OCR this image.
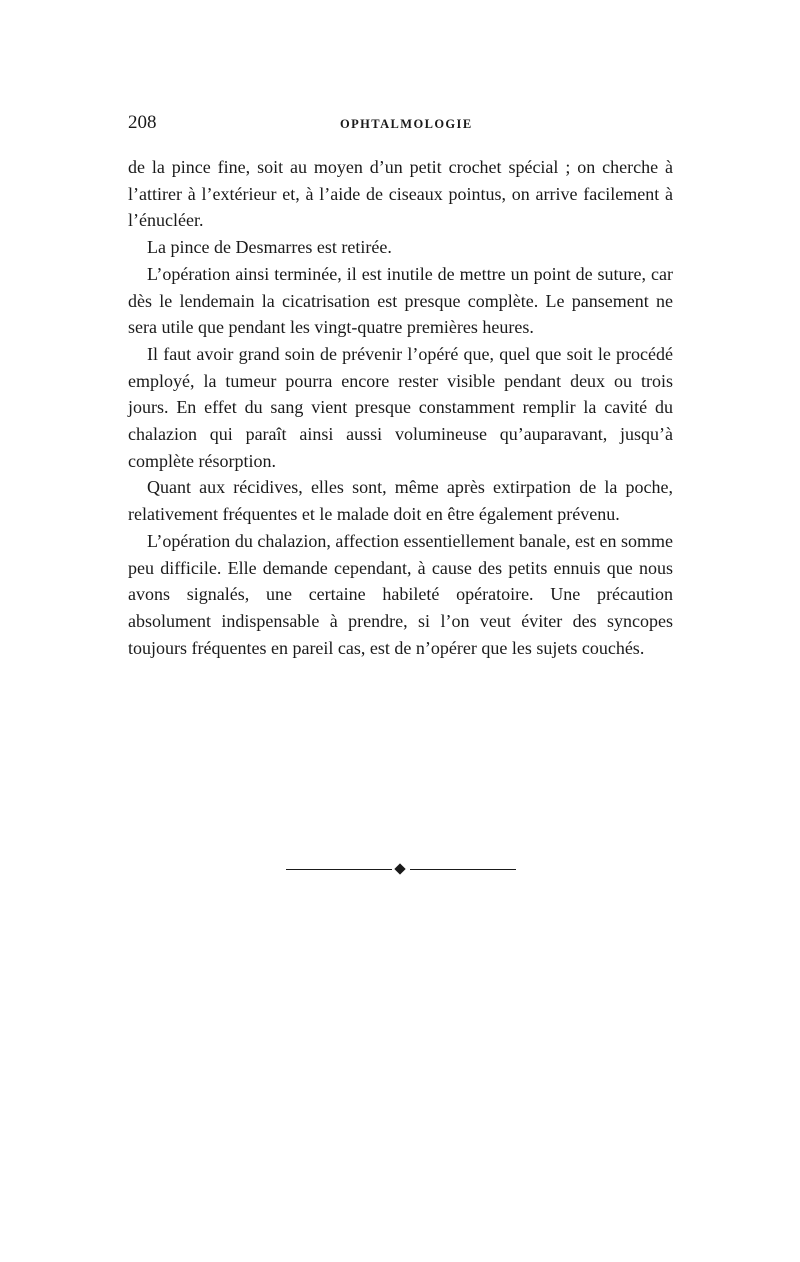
208	OPHTALMOLOGIE

de la pince fine, soit au moyen d’un petit crochet spécial ; on cherche à l’attirer à l’extérieur et, à l’aide de ciseaux pointus, on arrive facilement à l’énucléer.

La pince de Desmarres est retirée.

L’opération ainsi terminée, il est inutile de mettre un point de suture, car dès le lendemain la cicatrisation est presque complète. Le pansement ne sera utile que pendant les vingt-quatre premières heures.

Il faut avoir grand soin de prévenir l’opéré que, quel que soit le procédé employé, la tumeur pourra encore rester visible pendant deux ou trois jours. En effet du sang vient presque constamment remplir la cavité du chalazion qui paraît ainsi aussi volumineuse qu’auparavant, jusqu’à complète résorption.

Quant aux récidives, elles sont, même après extirpation de la poche, relativement fréquentes et le malade doit en être également prévenu.

L’opération du chalazion, affection essentiellement banale, est en somme peu difficile. Elle demande cependant, à cause des petits ennuis que nous avons signalés, une certaine habileté opératoire. Une précaution absolument indispensable à prendre, si l’on veut éviter des syncopes toujours fréquentes en pareil cas, est de n’opérer que les sujets couchés.
